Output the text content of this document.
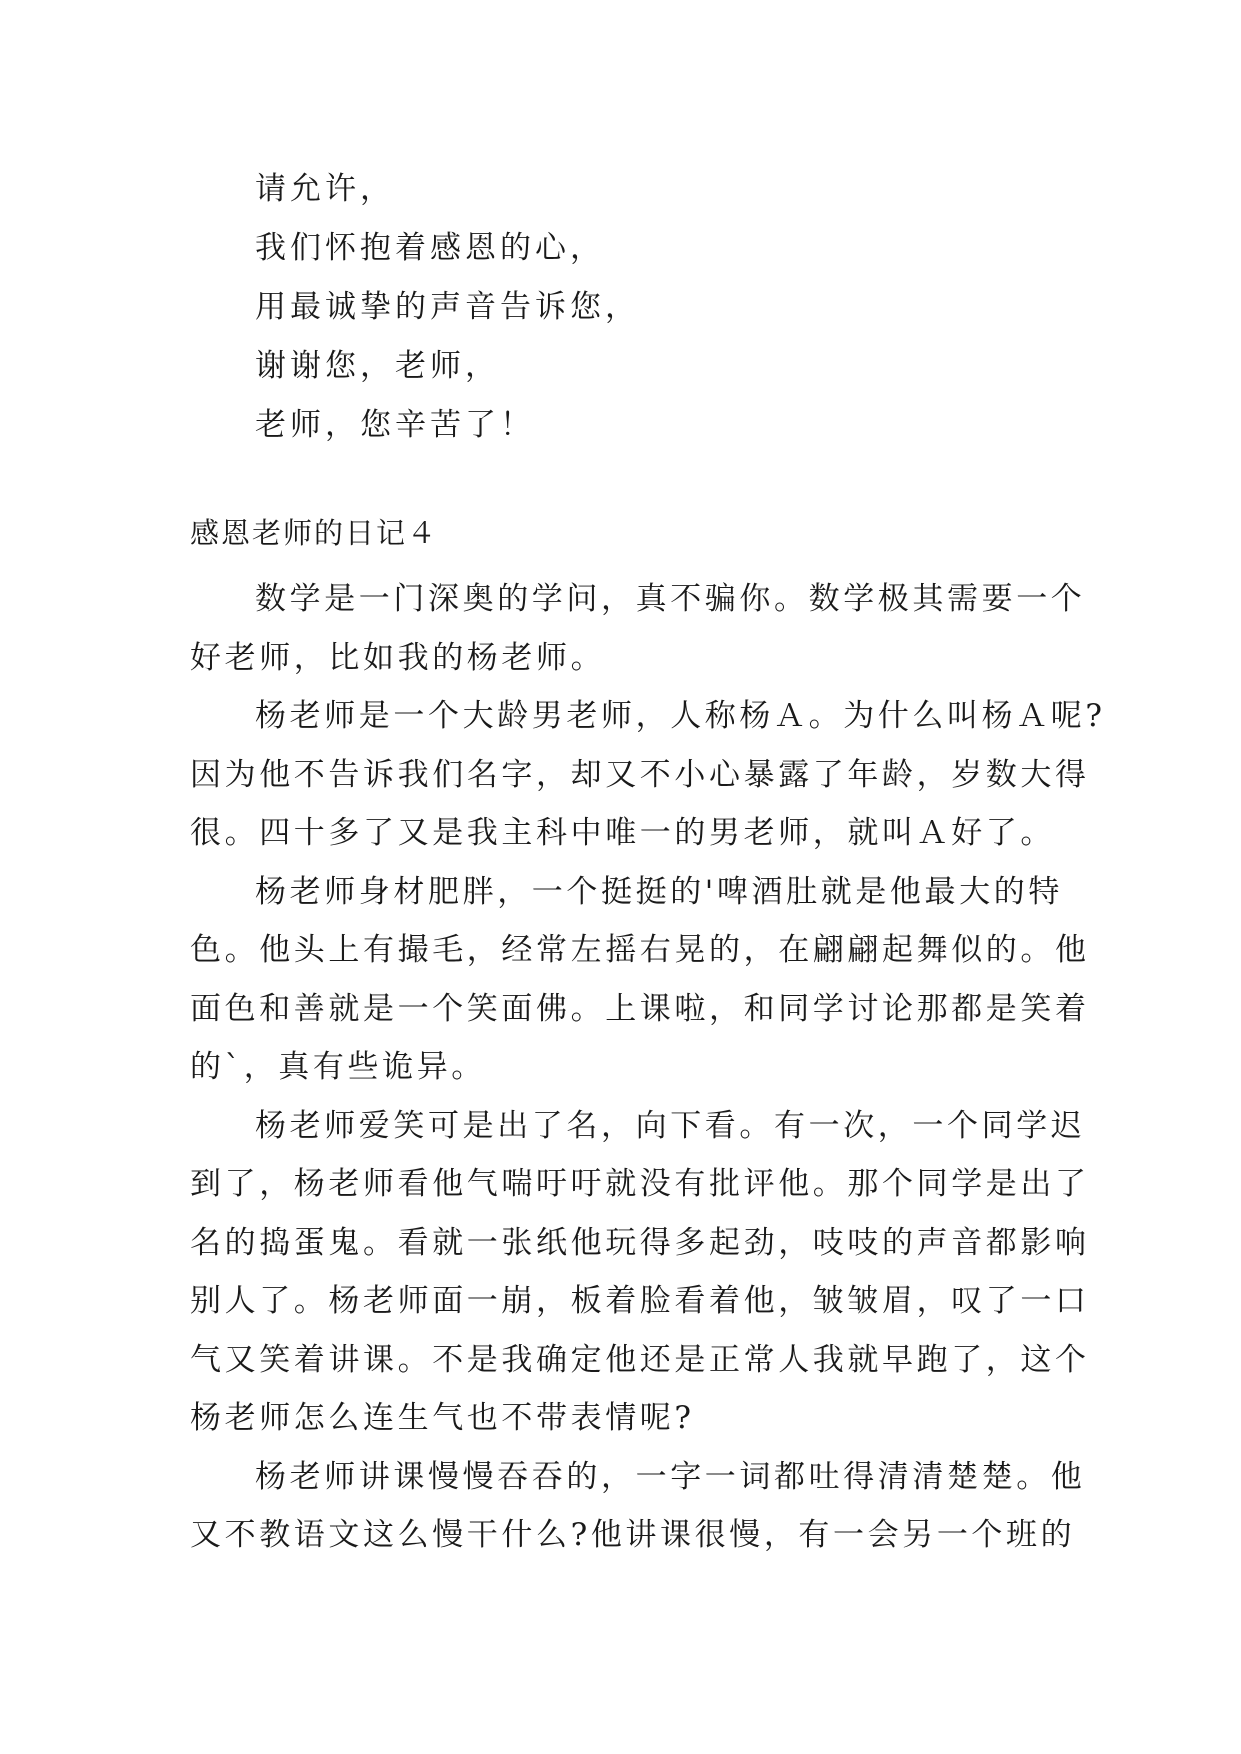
请允许，
我们怀抱着感恩的心，
用最诚挚的声音告诉您，
谢谢您，老师，
老师，您辛苦了！
感恩老师的日记４
数学是一门深奥的学问，真不骗你。数学极其需要一个
好老师，比如我的杨老师。
杨老师是一个大龄男老师，人称杨Ａ。为什么叫杨Ａ呢?
因为他不告诉我们名字，却又不小心暴露了年龄，岁数大得
很。四十多了又是我主科中唯一的男老师，就叫Ａ好了。
杨老师身材肥胖，一个挺挺的'啤酒肚就是他最大的特
色。他头上有撮毛，经常左摇右晃的，在翩翩起舞似的。他
面色和善就是一个笑面佛。上课啦，和同学讨论那都是笑着
的`，真有些诡异。
杨老师爱笑可是出了名，向下看。有一次，一个同学迟
到了，杨老师看他气喘吁吁就没有批评他。那个同学是出了
名的捣蛋鬼。看就一张纸他玩得多起劲，吱吱的声音都影响
别人了。杨老师面一崩，板着脸看着他，皱皱眉，叹了一口
气又笑着讲课。不是我确定他还是正常人我就早跑了，这个
杨老师怎么连生气也不带表情呢?
杨老师讲课慢慢吞吞的，一字一词都吐得清清楚楚。他
又不教语文这么慢干什么?他讲课很慢，有一会另一个班的
